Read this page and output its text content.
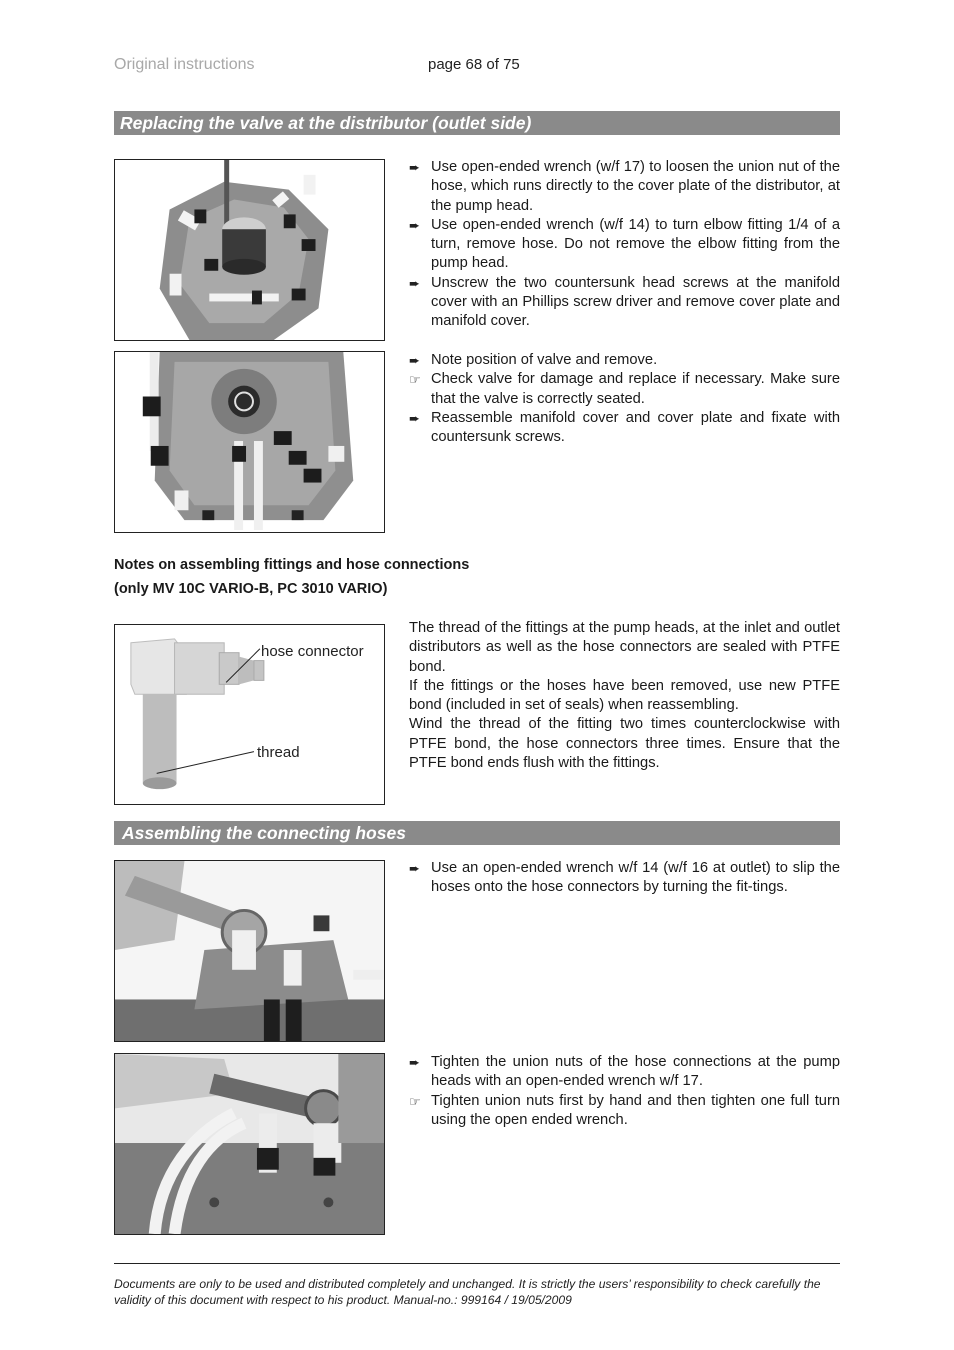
Original instructions	page 68 of 75
Replacing the valve at the distributor (outlet side)
➨ Use open-ended wrench (w/f 17) to loosen the union nut of the hose, which runs directly to the cover plate of the distributor, at the pump head.
➨ Use open-ended wrench (w/f 14) to turn elbow fitting 1/4 of a turn, remove hose. Do not remove the elbow fitting from the pump head.
➨ Unscrew the two countersunk head screws at the manifold cover with an Phillips screw driver and remove cover plate and manifold cover.
➨ Note position of valve and remove.
☞ Check valve for damage and replace if necessary. Make sure that the valve is correctly seated.
➨ Reassemble manifold cover and cover plate and fixate with countersunk screws.
Notes on assembling fittings and hose connections
(only MV 10C VARIO-B, PC 3010 VARIO)
hose connector
thread
The thread of the fittings at the pump heads, at the inlet and outlet distributors as well as the hose connectors are sealed with PTFE bond.
If the fittings or the hoses have been removed, use new PTFE bond (included in set of seals) when reassembling.
Wind the thread of the fitting two times counterclockwise with PTFE bond, the hose connectors three times. Ensure that the PTFE bond ends flush with the fittings.
Assembling the connecting hoses
➨ Use an open-ended wrench w/f 14 (w/f 16 at outlet) to slip the hoses onto the hose connectors by turning the fit-tings.
➨ Tighten the union nuts of the hose connections at the pump heads with an open-ended wrench w/f 17.
☞ Tighten union nuts first by hand and then tighten one full turn using the open ended wrench.
Documents are only to be used and distributed completely and unchanged. It is strictly the users’ responsibility to check carefully the validity of this document with respect to his product. Manual-no.: 999164 / 19/05/2009
